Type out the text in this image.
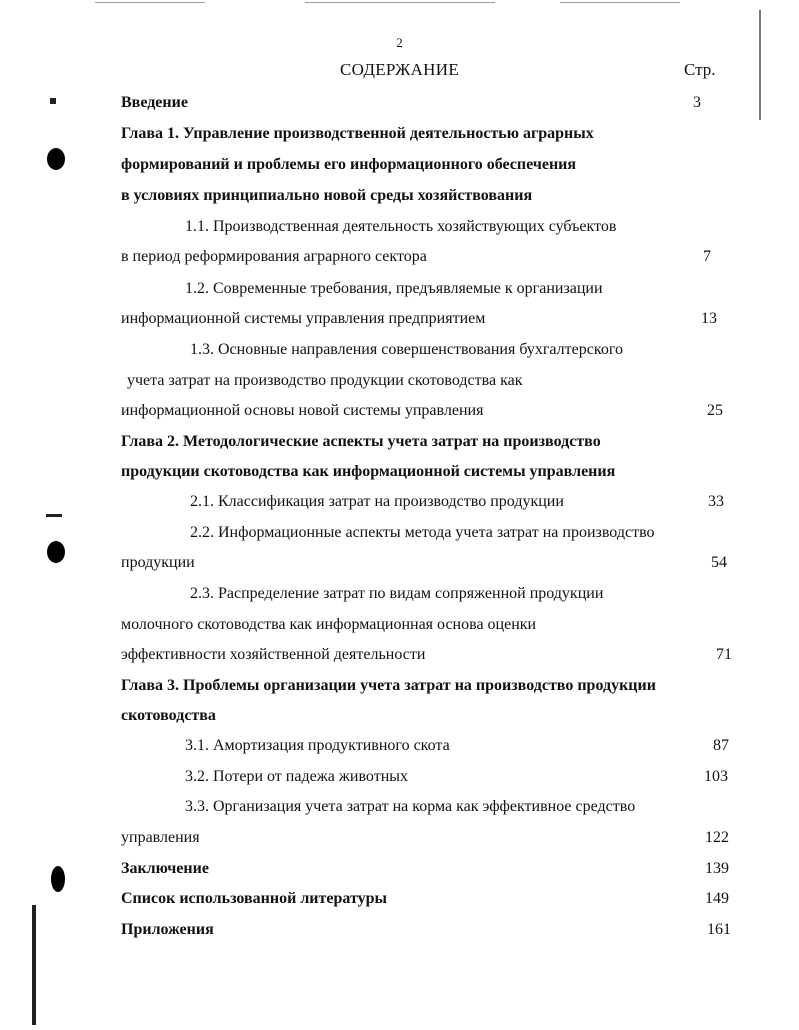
2
СОДЕРЖАНИЕ	Стр.
Введение	3
Глава 1. Управление производственной деятельностью аграрных
формирований и проблемы его информационного обеспечения
в условиях принципиально новой среды хозяйствования
1.1. Производственная деятельность хозяйствующих субъектов
в период реформирования аграрного сектора	7
1.2. Современные требования, предъявляемые к организации
информационной системы управления предприятием	13
1.3. Основные направления совершенствования бухгалтерского
учета затрат на производство продукции скотоводства как
информационной основы новой системы управления	25
Глава 2. Методологические аспекты учета затрат на производство
продукции скотоводства как информационной системы управления
2.1. Классификация затрат на производство продукции	33
2.2. Информационные аспекты метода учета затрат на производство
продукции	54
2.3. Распределение затрат по видам сопряженной продукции
молочного скотоводства как информационная основа оценки
эффективности хозяйственной деятельности	71
Глава 3. Проблемы организации учета затрат на производство продукции
скотоводства
3.1. Амортизация продуктивного скота	87
3.2. Потери от падежа животных	103
3.3. Организация учета затрат на корма как эффективное средство
управления	122
Заключение	139
Список использованной литературы	149
Приложения	161
